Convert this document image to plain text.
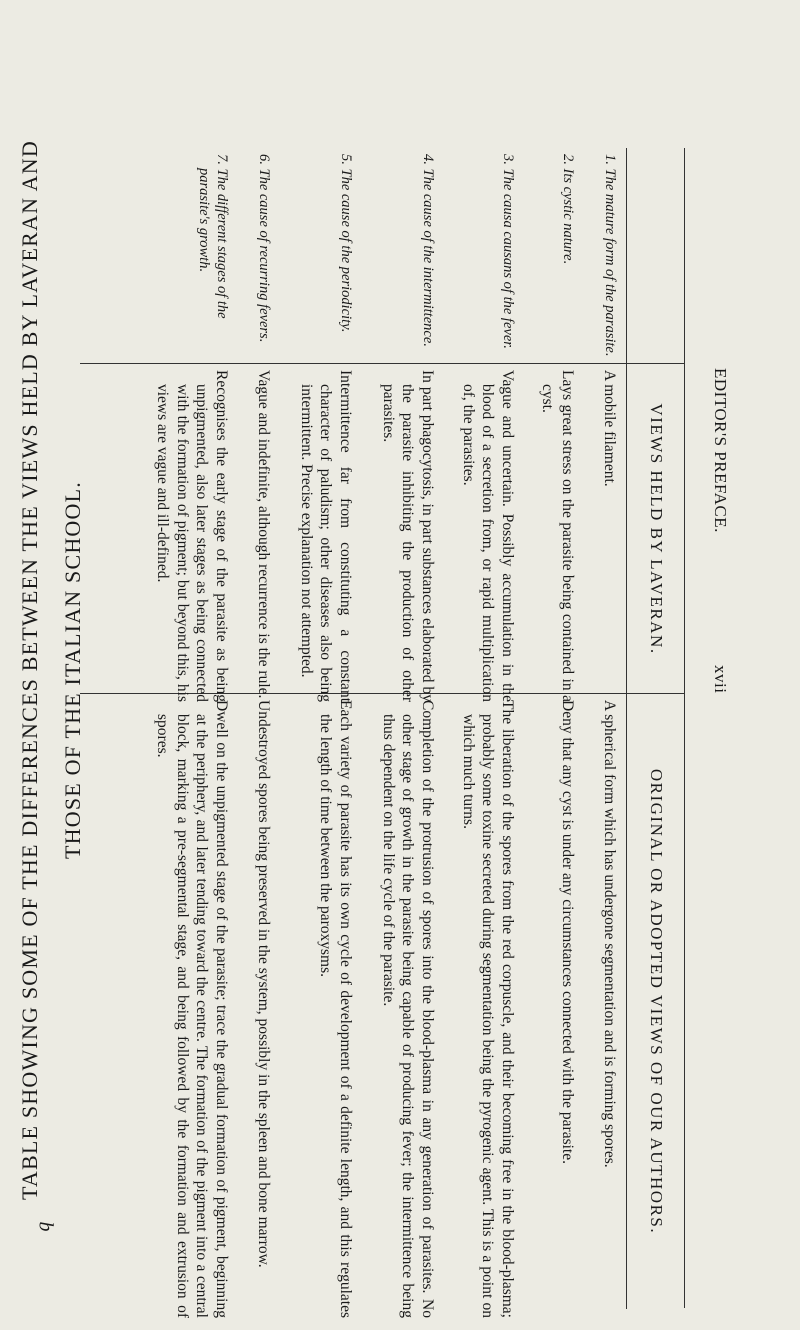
EDITOR'S PREFACE.
xvii
TABLE SHOWING SOME OF THE DIFFERENCES BETWEEN THE VIEWS HELD BY LAVERAN AND THOSE OF THE ITALIAN SCHOOL.	VIEWS HELD BY LAVERAN.
ORIGINAL OR ADOPTED VIEWS OF OUR AUTHORS.
1. The mature form of the parasite.
A mobile filament.
A spherical form which has undergone segmentation and is forming spores.
2. Its cystic nature.
Lays great stress on the parasite being contained in a cyst.
Deny that any cyst is under any circumstances connected with the parasite.
3. The causa causans of the fever.
Vague and uncertain. Possibly accumulation in the blood of a secretion from, or rapid multiplication of, the parasites.
The liberation of the spores from the red corpuscle, and their becoming free in the blood-plasma; probably some toxine secreted during segmentation being the pyrogenic agent. This is a point on which much turns.
4. The cause of the intermittence.
In part phagocytosis, in part substances elaborated by the parasite inhibiting the production of other parasites.
Completion of the protrusion of spores into the blood-plasma in any generation of parasites. No other stage of growth in the parasite being capable of producing fever; the intermittence being thus dependent on the life cycle of the parasite.
5. The cause of the periodicity.
Intermittence far from constituting a constant character of paludism; other diseases also being intermittent. Precise explanation not attempted.
Each variety of parasite has its own cycle of development of a definite length, and this regulates the length of time between the paroxysms.
6. The cause of recurring fevers.
Vague and indefinite, although recurrence is the rule.
Undestroyed spores being preserved in the system, possibly in the spleen and bone marrow.
7. The different stages of the parasite's growth.
Recognises the early stage of the parasite as being unpigmented, also later stages as being connected with the formation of pigment; but beyond this, his views are vague and ill-defined.
Dwell on the unpigmented stage of the parasite; trace the gradual formation of pigment, beginning at the periphery, and later tending toward the centre. The formation of the pigment into a central block, marking a pre-segmental stage, and being followed by the formation and extrusion of spores.
b
